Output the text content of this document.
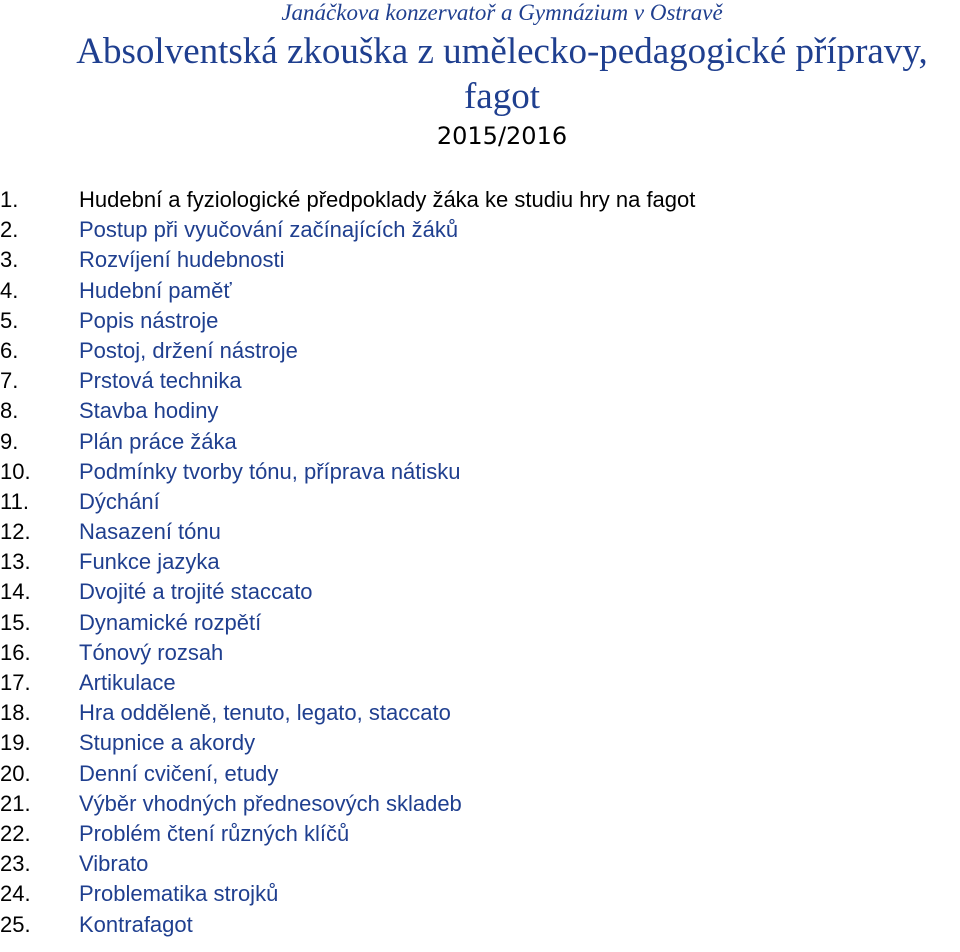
Janáčkova konzervatoř a Gymnázium v Ostravě
Absolventská zkouška z umělecko-pedagogické přípravy,
fagot
2015/2016
1.	Hudební a fyziologické předpoklady žáka ke studiu hry na fagot
2.	Postup při vyučování začínajících žáků
3.	Rozvíjení hudebnosti
4.	Hudební paměť
5.	Popis nástroje
6.	Postoj, držení nástroje
7.	Prstová technika
8.	Stavba hodiny
9.	Plán práce žáka
10. Podmínky tvorby tónu, příprava nátisku
11. Dýchání
12. Nasazení tónu
13. Funkce jazyka
14. Dvojité a trojité staccato
15. Dynamické rozpětí
16. Tónový rozsah
17. Artikulace
18. Hra odděleně, tenuto, legato, staccato
19. Stupnice a akordy
20. Denní cvičení, etudy
21. Výběr vhodných přednesových skladeb
22. Problém čtení různých klíčů
23. Vibrato
24. Problematika strojků
25. Kontrafagot
